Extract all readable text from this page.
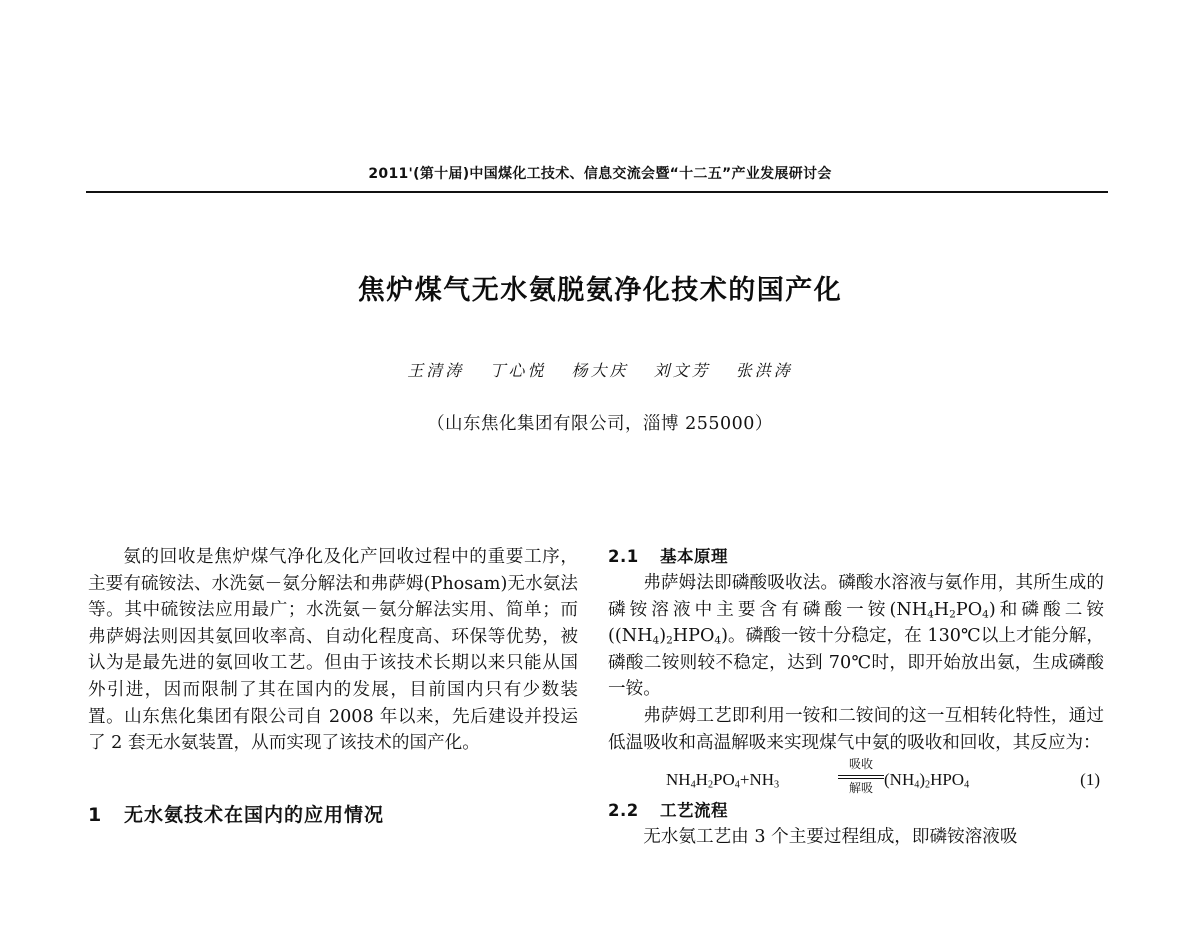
2011'(第十届)中国煤化工技术、信息交流会暨“十二五”产业发展研讨会
焦炉煤气无水氨脱氨净化技术的国产化
王清涛 丁心悦 杨大庆 刘文芳 张洪涛
（山东焦化集团有限公司，淄博 255000）

氨的回收是焦炉煤气净化及化产回收过程中的重要工序，主要有硫铵法、水洗氨－氨分解法和弗萨姆(Phosam)无水氨法等。其中硫铵法应用最广；水洗氨－氨分解法实用、简单；而弗萨姆法则因其氨回收率高、自动化程度高、环保等优势，被认为是最先进的氨回收工艺。但由于该技术长期以来只能从国外引进，因而限制了其在国内的发展，目前国内只有少数装置。山东焦化集团有限公司自 2008 年以来，先后建设并投运了 2 套无水氨装置，从而实现了该技术的国产化。

1 无水氨技术在国内的应用情况
2.1 基本原理

弗萨姆法即磷酸吸收法。磷酸水溶液与氨作用，其所生成的磷铵溶液中主要含有磷酸一铵$(NH_4H_2PO_4)$和磷酸二铵$((NH_4)_2HPO_4)$。磷酸一铵十分稳定，在 130℃以上才能分解，磷酸二铵则较不稳定，达到 70℃时，即开始放出氨，生成磷酸一铵。

弗萨姆工艺即利用一铵和二铵间的这一互相转化特性，通过低温吸收和高温解吸来实现煤气中氨的吸收和回收，其反应为：

$NH_4H_2PO_4+NH_3$
吸收
解吸 $(NH_4)_2HPO_4$	(1)
2.2 工艺流程

无水氨工艺由 3 个主要过程组成，即磷铵溶液吸
